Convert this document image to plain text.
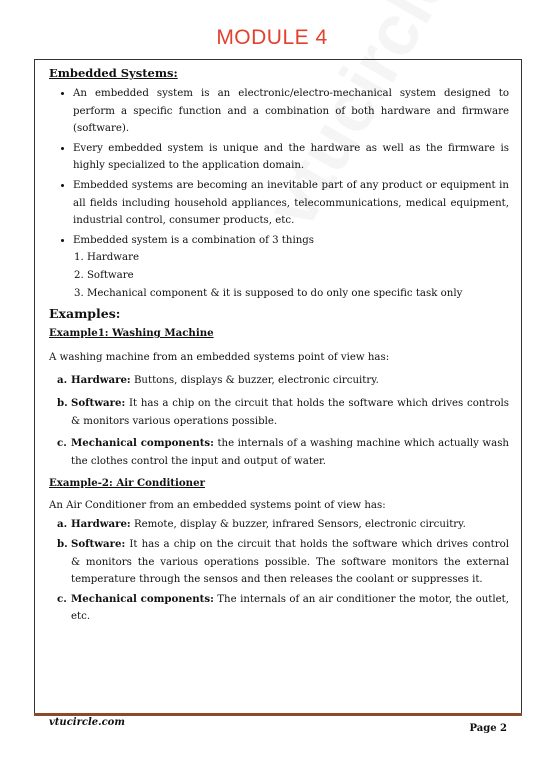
MODULE 4
Embedded Systems:
• An embedded system is an electronic/electro-mechanical system designed to perform a specific function and a combination of both hardware and firmware (software).
• Every embedded system is unique and the hardware as well as the firmware is highly specialized to the application domain.
• Embedded systems are becoming an inevitable part of any product or equipment in all fields including household appliances, telecommunications, medical equipment, industrial control, consumer products, etc.
• Embedded system is a combination of 3 things
1. Hardware
2. Software
3. Mechanical component & it is supposed to do only one specific task only
Examples:
Example1: Washing Machine
A washing machine from an embedded systems point of view has:
a. Hardware: Buttons, displays & buzzer, electronic circuitry.
b. Software: It has a chip on the circuit that holds the software which drives controls & monitors various operations possible.
c. Mechanical components: the internals of a washing machine which actually wash the clothes control the input and output of water.
Example-2: Air Conditioner
An Air Conditioner from an embedded systems point of view has:
a. Hardware: Remote, display & buzzer, infrared Sensors, electronic circuitry.
b. Software: It has a chip on the circuit that holds the software which drives control & monitors the various operations possible. The software monitors the external temperature through the sensos and then releases the coolant or suppresses it.
c. Mechanical components: The internals of an air conditioner the motor, the outlet, etc.
vtucircle.com
Page 2
